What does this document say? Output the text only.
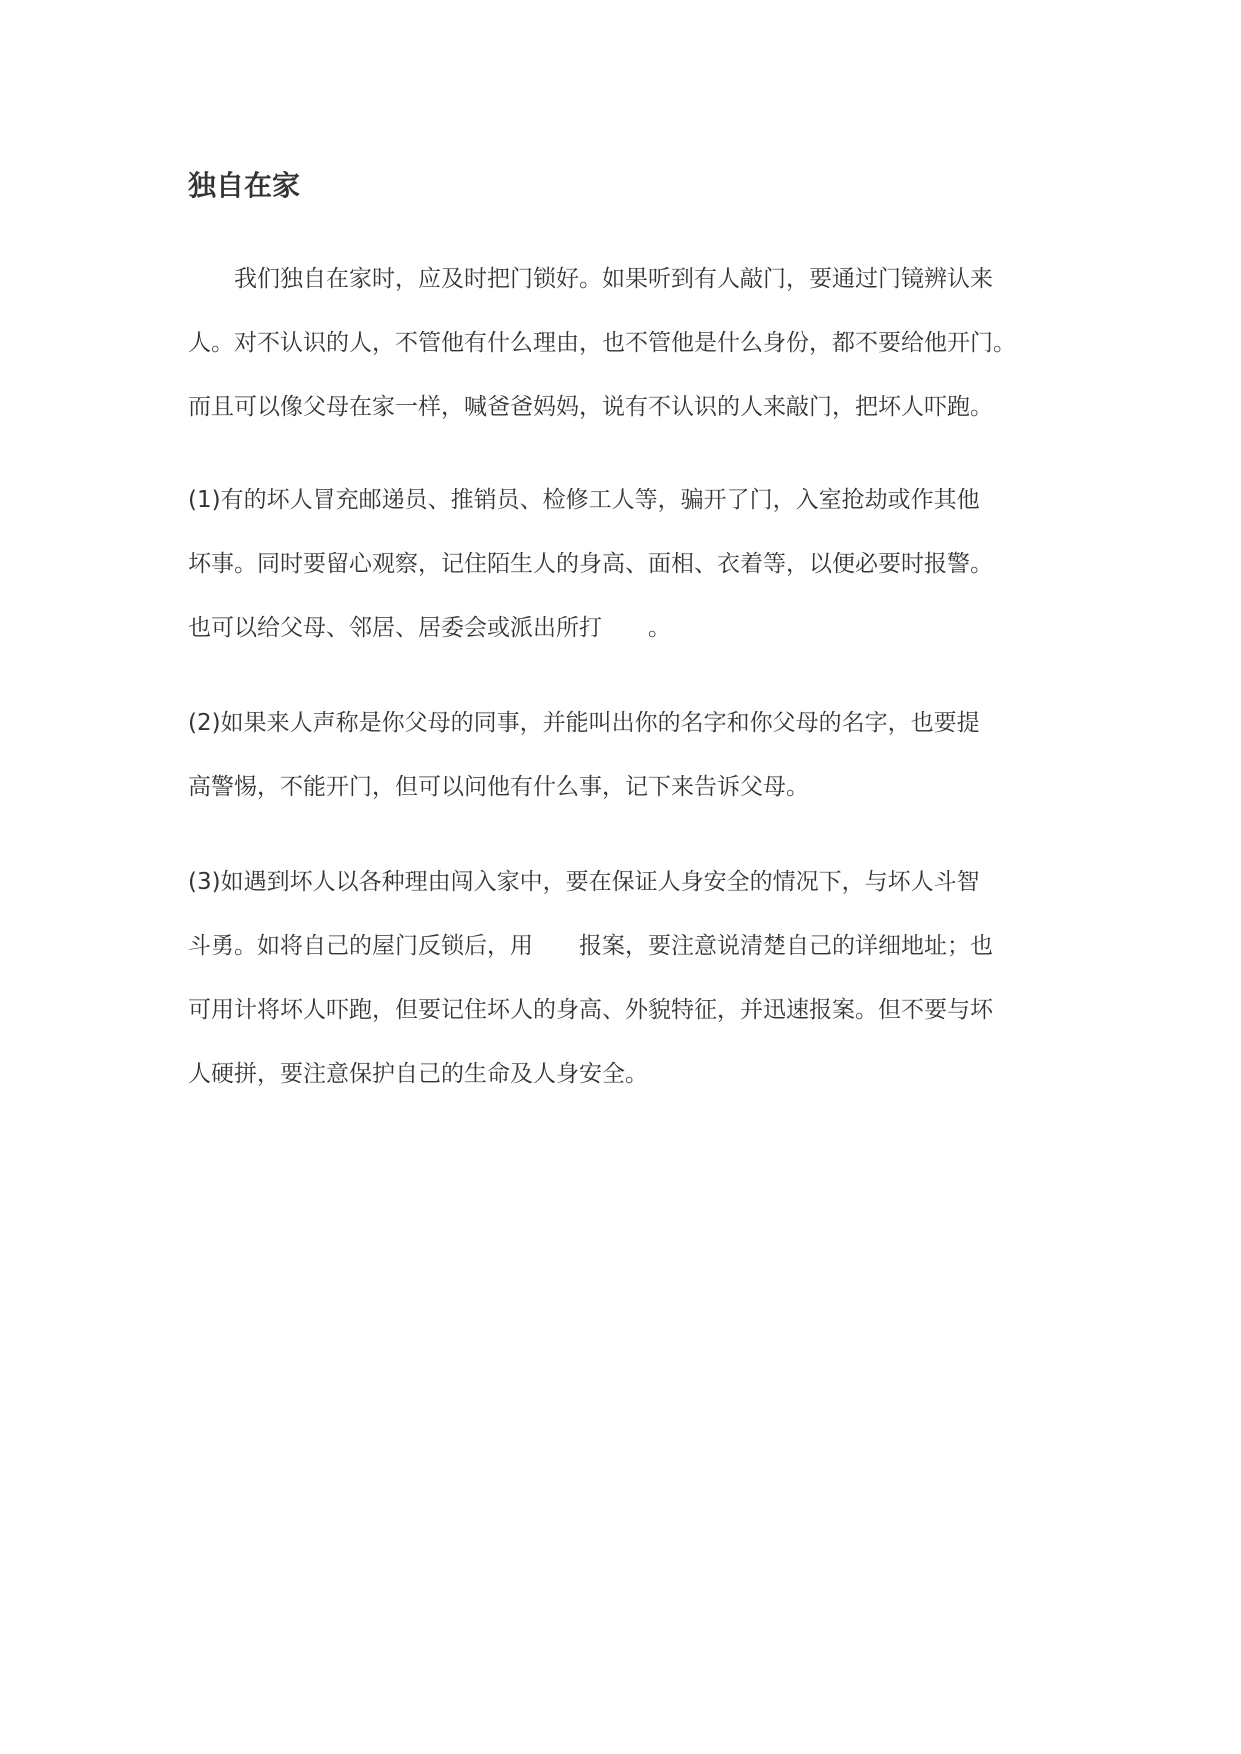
独自在家

　　我们独自在家时，应及时把门锁好。如果听到有人敲门，要通过门镜辨认来

人。对不认识的人，不管他有什么理由，也不管他是什么身份，都不要给他开门。

而且可以像父母在家一样，喊爸爸妈妈，说有不认识的人来敲门，把坏人吓跑。

(1)有的坏人冒充邮递员、推销员、检修工人等，骗开了门，入室抢劫或作其他

坏事。同时要留心观察，记住陌生人的身高、面相、衣着等，以便必要时报警。

也可以给父母、邻居、居委会或派出所打　　。

(2)如果来人声称是你父母的同事，并能叫出你的名字和你父母的名字，也要提

高警惕，不能开门，但可以问他有什么事，记下来告诉父母。

(3)如遇到坏人以各种理由闯入家中，要在保证人身安全的情况下，与坏人斗智

斗勇。如将自己的屋门反锁后，用　　报案，要注意说清楚自己的详细地址；也

可用计将坏人吓跑，但要记住坏人的身高、外貌特征，并迅速报案。但不要与坏

人硬拼，要注意保护自己的生命及人身安全。
